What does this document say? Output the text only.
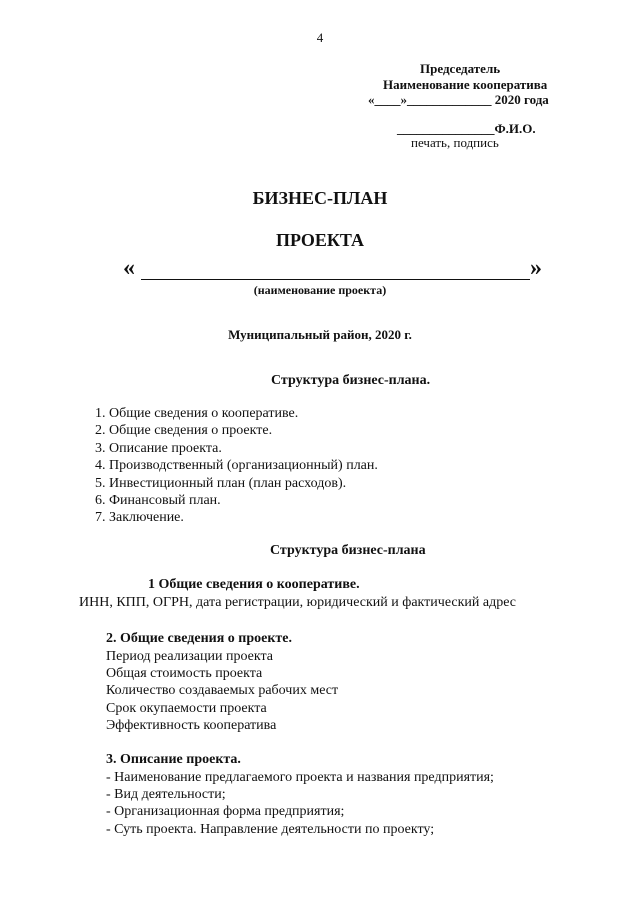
4
Председатель
Наименование кооператива
«____»_____________ 2020 года
_______________Ф.И.О.
печать, подпись
БИЗНЕС-ПЛАН
ПРОЕКТА
«	»
(наименование проекта)
Муниципальный район, 2020 г.
Структура бизнес-плана.
1. Общие сведения о кооперативе.
2. Общие сведения о проекте.
3. Описание проекта.
4. Производственный (организационный) план.
5. Инвестиционный план (план расходов).
6. Финансовый план.
7. Заключение.
Структура бизнес-плана
1 Общие сведения о кооперативе.
ИНН, КПП, ОГРН, дата регистрации, юридический и фактический адрес
2. Общие сведения о проекте.
Период реализации проекта
Общая стоимость проекта
Количество создаваемых рабочих мест
Срок окупаемости проекта
Эффективность кооператива
3. Описание проекта.
- Наименование предлагаемого проекта и названия предприятия;
- Вид деятельности;
- Организационная форма предприятия;
- Суть проекта. Направление деятельности по проекту;
